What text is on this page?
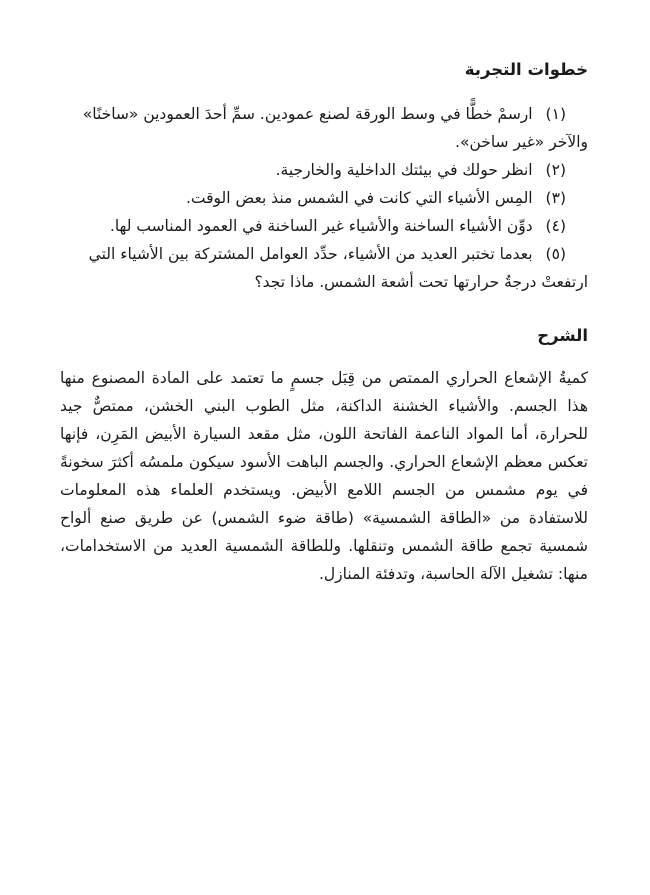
خطوات التجربة
(١) ارسمْ خطًّا في وسط الورقة لصنع عمودين. سمِّ أحدَ العمودين «ساخنًا» والآخر «غير ساخن».
(٢) انظر حولك في بيئتك الداخلية والخارجية.
(٣) المِس الأشياء التي كانت في الشمس منذ بعض الوقت.
(٤) دوِّن الأشياء الساخنة والأشياء غير الساخنة في العمود المناسب لها.
(٥) بعدما تختبر العديد من الأشياء، حدِّد العوامل المشتركة بين الأشياء التي ارتفعتْ درجةُ حرارتها تحت أشعة الشمس. ماذا تجد؟
الشرح

كميةُ الإشعاع الحراري الممتص من قِبَل جسمٍ ما تعتمد على المادة المصنوع منها هذا الجسم. والأشياء الخشنة الداكنة، مثل الطوب البني الخشن، ممتصٌّ جيد للحرارة، أما المواد الناعمة الفاتحة اللون، مثل مقعد السيارة الأبيض المَرِن، فإنها تعكس معظم الإشعاع الحراري. والجسم الباهت الأسود سيكون ملمسُه أكثرَ سخونةً في يوم مشمس من الجسم اللامع الأبيض. ويستخدم العلماء هذه المعلومات للاستفادة من «الطاقة الشمسية» (طاقة ضوء الشمس) عن طريق صنع ألواح شمسية تجمع طاقة الشمس وتنقلها. وللطاقة الشمسية العديد من الاستخدامات، منها: تشغيل الآلة الحاسبة، وتدفئة المنازل.
